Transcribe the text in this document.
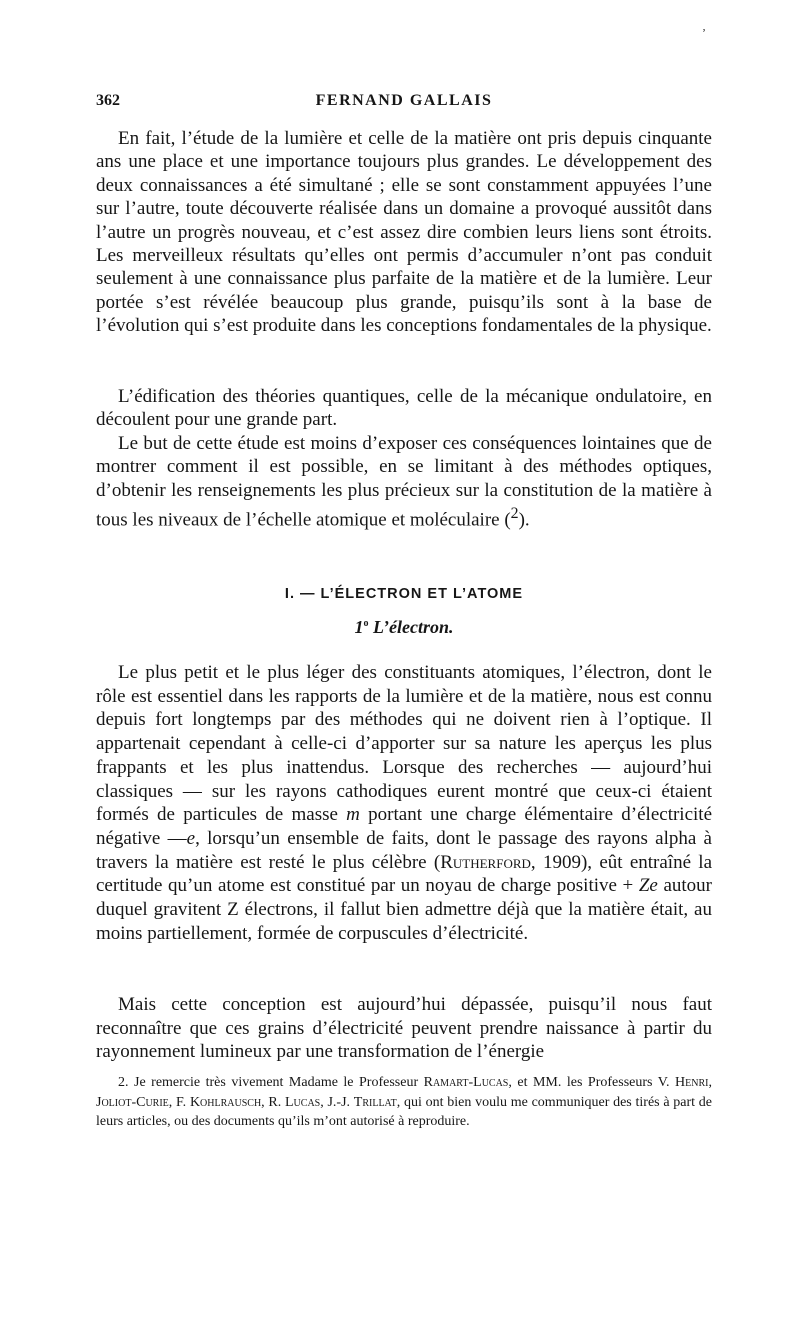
ʼ
362	FERNAND GALLAIS

En fait, l’étude de la lumière et celle de la matière ont pris depuis cinquante ans une place et une importance toujours plus grandes. Le développement des deux connaissances a été simultané ; elle se sont constamment appuyées l’une sur l’autre, toute découverte réalisée dans un domaine a provoqué aussitôt dans l’autre un progrès nouveau, et c’est assez dire combien leurs liens sont étroits. Les merveilleux résultats qu’elles ont permis d’accumuler n’ont pas conduit seulement à une connaissance plus parfaite de la matière et de la lumière. Leur portée s’est révélée beaucoup plus grande, puisqu’ils sont à la base de l’évolution qui s’est produite dans les conceptions fondamentales de la physique.

L’édification des théories quantiques, celle de la mécanique ondulatoire, en découlent pour une grande part.

Le but de cette étude est moins d’exposer ces conséquences lointaines que de montrer comment il est possible, en se limitant à des méthodes optiques, d’obtenir les renseignements les plus précieux sur la constitution de la matière à tous les niveaux de l’échelle atomique et moléculaire ($^2$).

I. — L’ÉLECTRON ET L’ATOME
1$^o$ L’électron.

Le plus petit et le plus léger des constituants atomiques, l’électron, dont le rôle est essentiel dans les rapports de la lumière et de la matière, nous est connu depuis fort longtemps par des méthodes qui ne doivent rien à l’optique. Il appartenait cependant à celle-ci d’apporter sur sa nature les aperçus les plus frappants et les plus inattendus. Lorsque des recherches — aujourd’hui classiques — sur les rayons cathodiques eurent montré que ceux-ci étaient formés de particules de masse m portant une charge élémentaire d’électricité négative —e, lorsqu’un ensemble de faits, dont le passage des rayons alpha à travers la matière est resté le plus célèbre (Rutherford, 1909), eût entraîné la certitude qu’un atome est constitué par un noyau de charge positive + Ze autour duquel gravitent Z électrons, il fallut bien admettre déjà que la matière était, au moins partiellement, formée de corpuscules d’électricité.

Mais cette conception est aujourd’hui dépassée, puisqu’il nous faut reconnaître que ces grains d’électricité peuvent prendre naissance à partir du rayonnement lumineux par une transformation de l’énergie

2. Je remercie très vivement Madame le Professeur Ramart-Lucas, et MM. les Professeurs V. Henri, Joliot-Curie, F. Kohlrausch, R. Lucas, J.-J. Trillat, qui ont bien voulu me communiquer des tirés à part de leurs articles, ou des documents qu’ils m’ont autorisé à reproduire.
